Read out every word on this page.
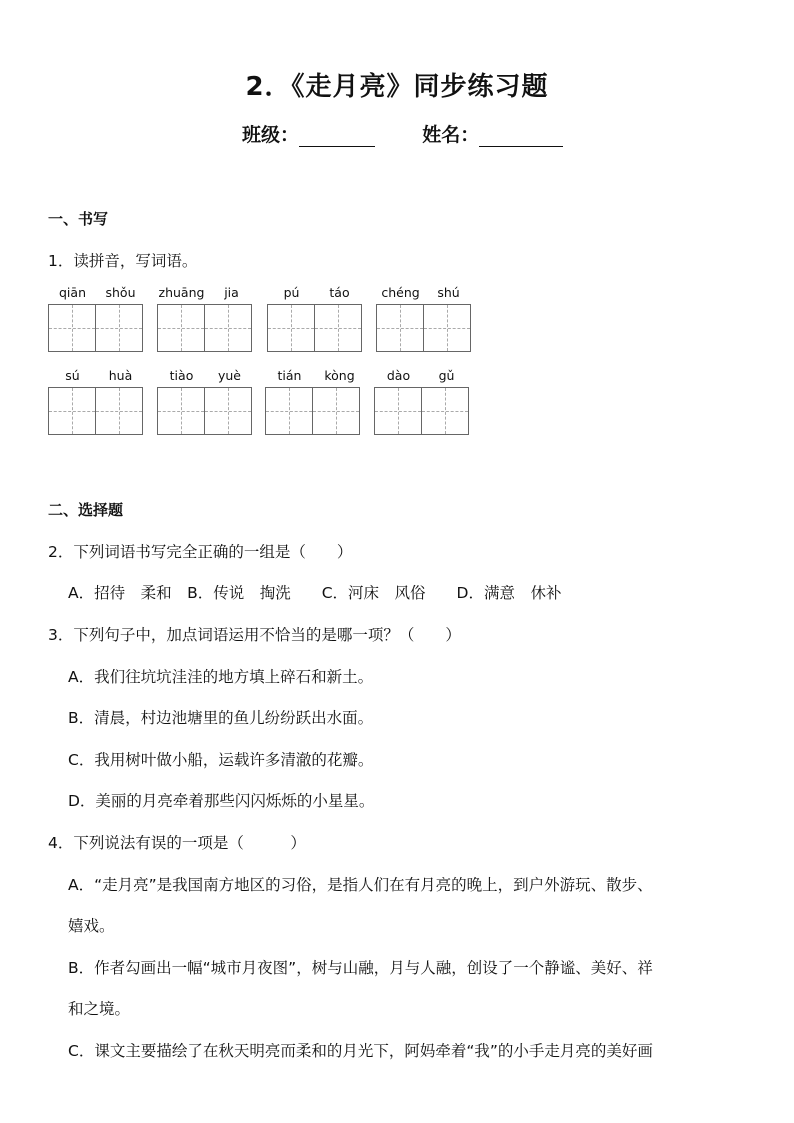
2．《走月亮》同步练习题
班级：	姓名：
一、书写
1．读拼音，写词语。
qiān	shǒu	zhuāng	jia	pú	táo	chéng	shú
sú	huà	tiào	yuè	tián	kòng	dào	gǔ
二、选择题
2．下列词语书写完全正确的一组是（　　）
A．招待　柔和　B．传说　掏洗　　C．河床　风俗　　D．满意　休补
3．下列句子中，加点词语运用不恰当的是哪一项？（　　）
A．我们往坑坑洼洼的地方填上碎石和新土。
B．清晨，村边池塘里的鱼儿纷纷跃出水面。
C．我用树叶做小船，运载许多清澈的花瓣。
D．美丽的月亮牵着那些闪闪烁烁的小星星。
4．下列说法有误的一项是（　　　）
A．“走月亮”是我国南方地区的习俗，是指人们在有月亮的晚上，到户外游玩、散步、
嬉戏。
B．作者勾画出一幅“城市月夜图”，树与山融，月与人融，创设了一个静谧、美好、祥
和之境。
C．课文主要描绘了在秋天明亮而柔和的月光下，阿妈牵着“我”的小手走月亮的美好画
